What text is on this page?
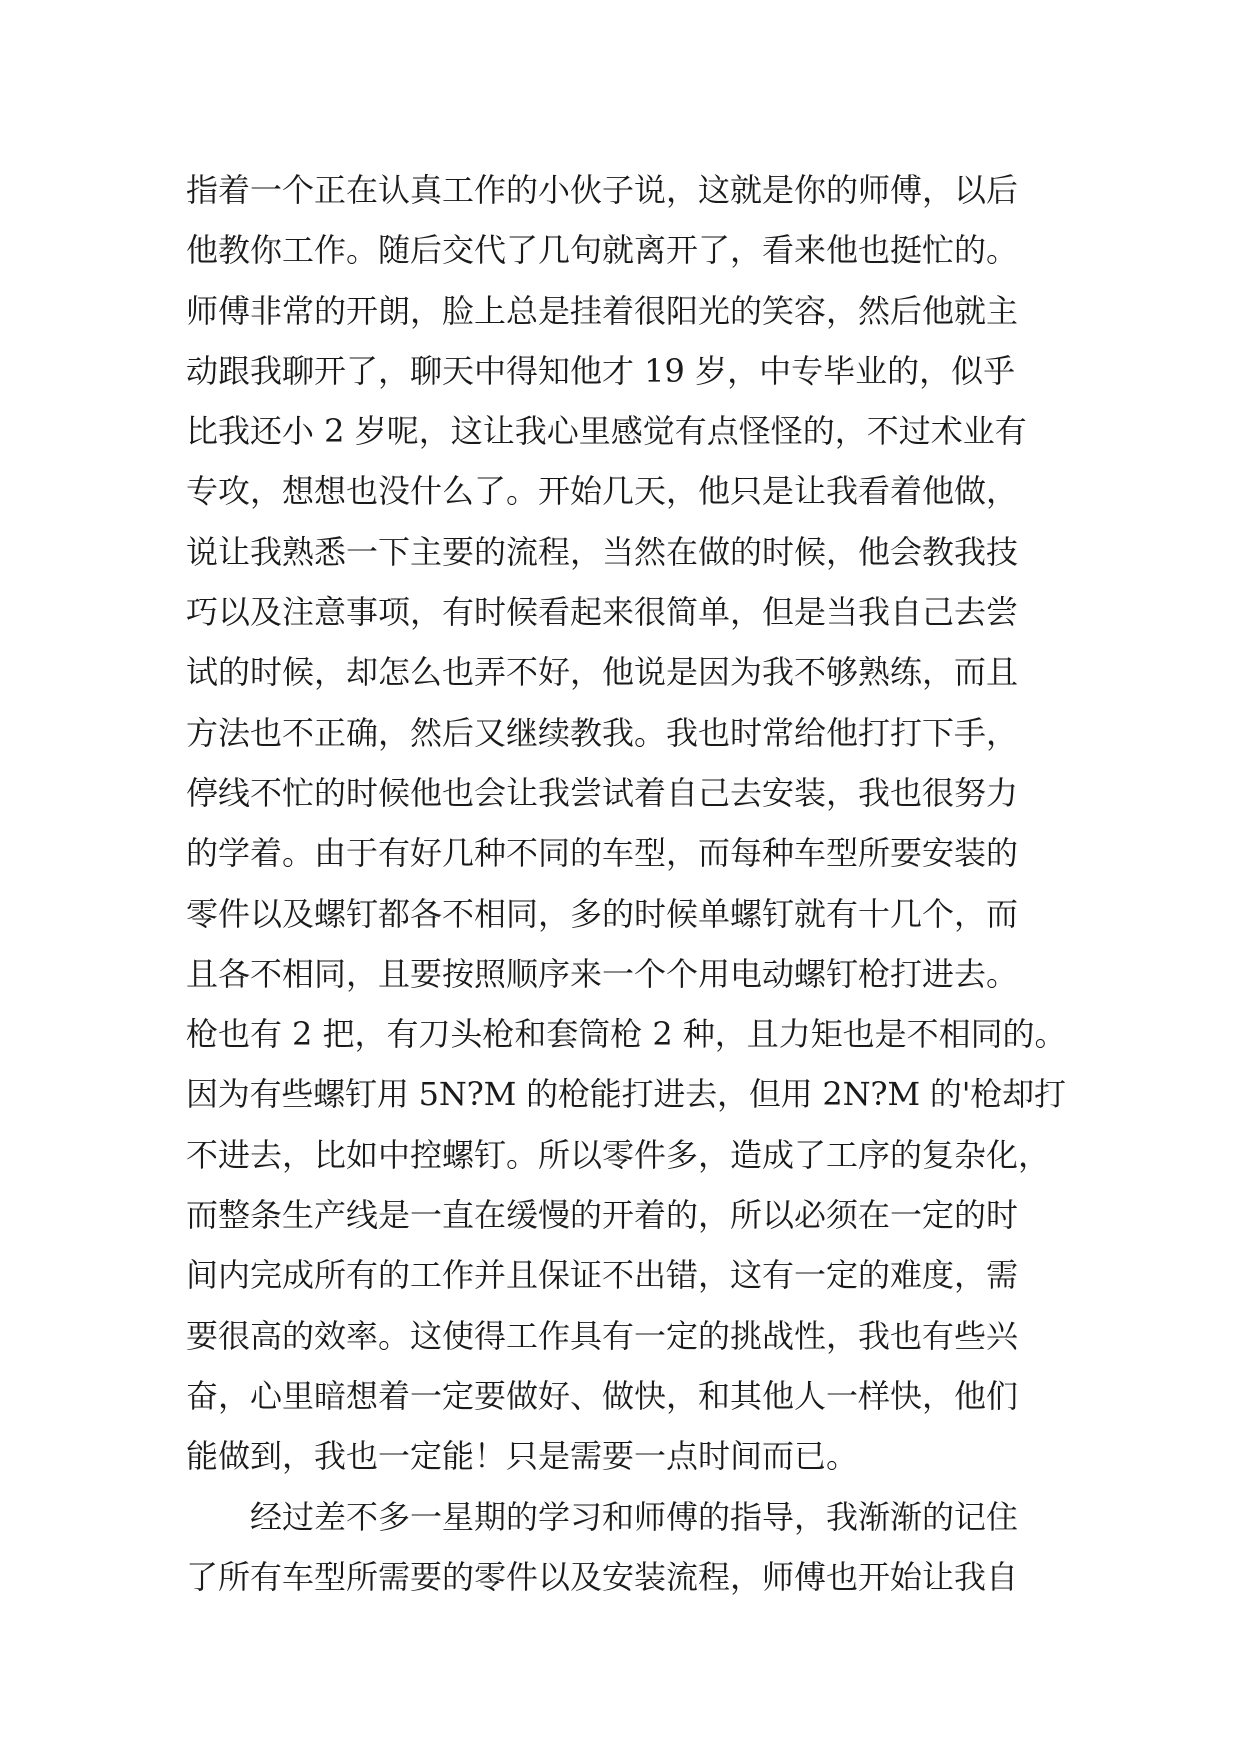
指着一个正在认真工作的小伙子说，这就是你的师傅，以后
他教你工作。随后交代了几句就离开了，看来他也挺忙的。
师傅非常的开朗，脸上总是挂着很阳光的笑容，然后他就主
动跟我聊开了，聊天中得知他才 19 岁，中专毕业的，似乎
比我还小 2 岁呢，这让我心里感觉有点怪怪的，不过术业有
专攻，想想也没什么了。开始几天，他只是让我看着他做，
说让我熟悉一下主要的流程，当然在做的时候，他会教我技
巧以及注意事项，有时候看起来很简单，但是当我自己去尝
试的时候，却怎么也弄不好，他说是因为我不够熟练，而且
方法也不正确，然后又继续教我。我也时常给他打打下手，
停线不忙的时候他也会让我尝试着自己去安装，我也很努力
的学着。由于有好几种不同的车型，而每种车型所要安装的
零件以及螺钉都各不相同，多的时候单螺钉就有十几个，而
且各不相同，且要按照顺序来一个个用电动螺钉枪打进去。
枪也有 2 把，有刀头枪和套筒枪 2 种，且力矩也是不相同的。
因为有些螺钉用 5N?M 的枪能打进去，但用 2N?M 的'枪却打
不进去，比如中控螺钉。所以零件多，造成了工序的复杂化，
而整条生产线是一直在缓慢的开着的，所以必须在一定的时
间内完成所有的工作并且保证不出错，这有一定的难度，需
要很高的效率。这使得工作具有一定的挑战性，我也有些兴
奋，心里暗想着一定要做好、做快，和其他人一样快，他们
能做到，我也一定能！只是需要一点时间而已。
经过差不多一星期的学习和师傅的指导，我渐渐的记住
了所有车型所需要的零件以及安装流程，师傅也开始让我自
